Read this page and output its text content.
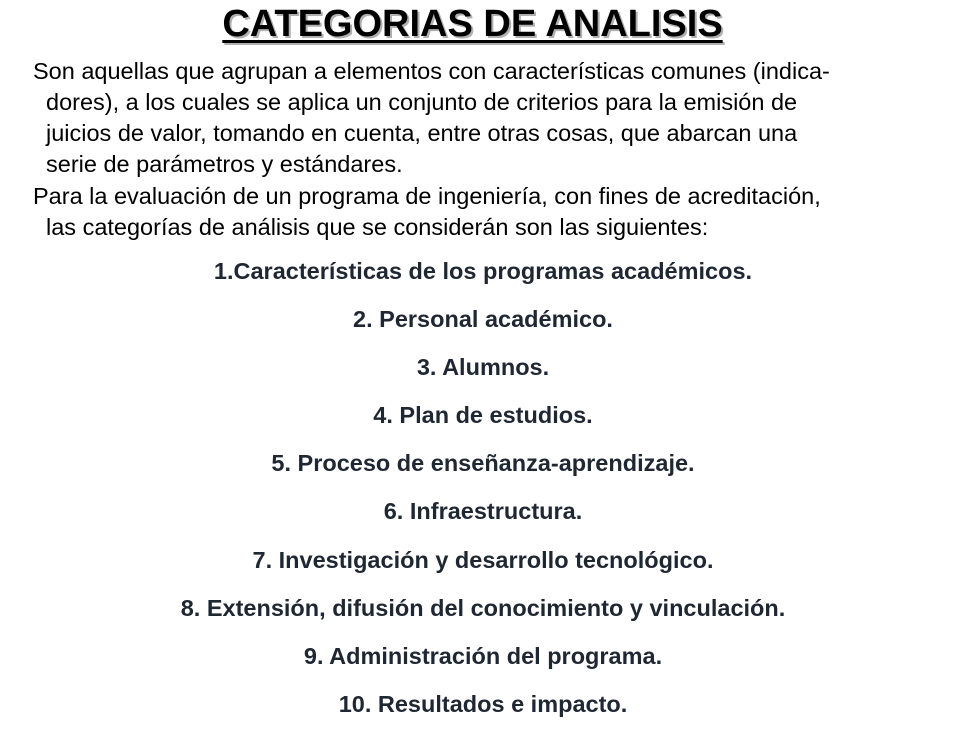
CATEGORIAS DE ANALISIS

Son aquellas que agrupan a elementos con características comunes (indica-
dores), a los cuales se aplica un conjunto de criterios para la emisión de
juicios de valor, tomando en cuenta, entre otras cosas, que abarcan una
serie de parámetros y estándares.

Para la evaluación de un programa de ingeniería, con fines de acreditación,
las categorías de análisis que se considerán son las siguientes:

1.Características de los programas académicos.
2. Personal académico.
3. Alumnos.
4. Plan de estudios.
5. Proceso de enseñanza-aprendizaje.
6. Infraestructura.
7. Investigación y desarrollo tecnológico.
8. Extensión, difusión del conocimiento y vinculación.
9. Administración del programa.
10. Resultados e impacto.
